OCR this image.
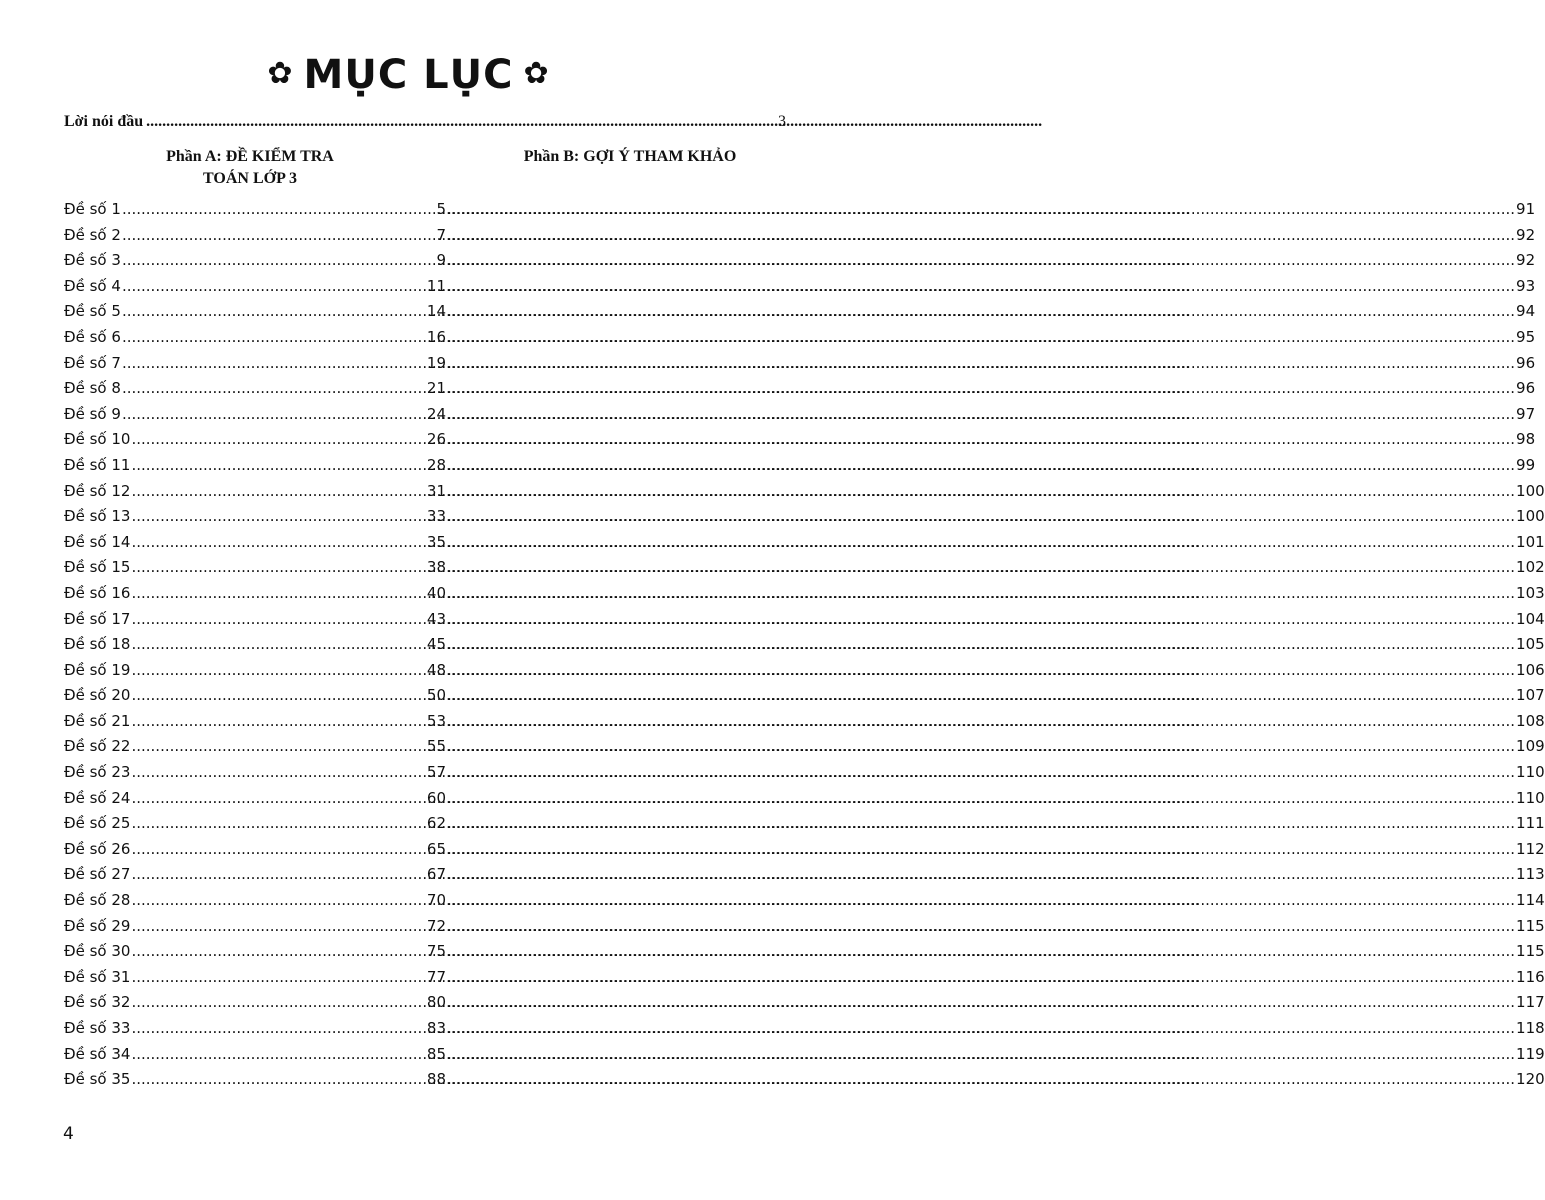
✿ MỤC LỤC ✿
Lời nói đầu .....	3
Phần A: ĐỀ KIỂM TRA
TOÁN LỚP 3
Phần B: GỢI Ý THAM KHẢO
Đề số 1 .....	5 .....	91
Đề số 2 .....	7 .....	92
Đề số 3 .....	9 .....	92
Đề số 4 .....	11 .....	93
Đề số 5 .....	14 .....	94
Đề số 6 .....	16 .....	95
Đề số 7 .....	19 .....	96
Đề số 8 .....	21 .....	96
Đề số 9 .....	24 .....	97
Đề số 10 .....	26 .....	98
Đề số 11 .....	28 .....	99
Đề số 12 .....	31 .....	100
Đề số 13 .....	33 .....	100
Đề số 14 .....	35 .....	101
Đề số 15 .....	38 .....	102
Đề số 16 .....	40 .....	103
Đề số 17 .....	43 .....	104
Đề số 18 .....	45 .....	105
Đề số 19 .....	48 .....	106
Đề số 20 .....	50 .....	107
Đề số 21 .....	53 .....	108
Đề số 22 .....	55 .....	109
Đề số 23 .....	57 .....	110
Đề số 24 .....	60 .....	110
Đề số 25 .....	62 .....	111
Đề số 26 .....	65 .....	112
Đề số 27 .....	67 .....	113
Đề số 28 .....	70 .....	114
Đề số 29 .....	72 .....	115
Đề số 30 .....	75 .....	115
Đề số 31 .....	77 .....	116
Đề số 32 .....	80 .....	117
Đề số 33 .....	83 .....	118
Đề số 34 .....	85 .....	119
Đề số 35 .....	88 .....	120
4
